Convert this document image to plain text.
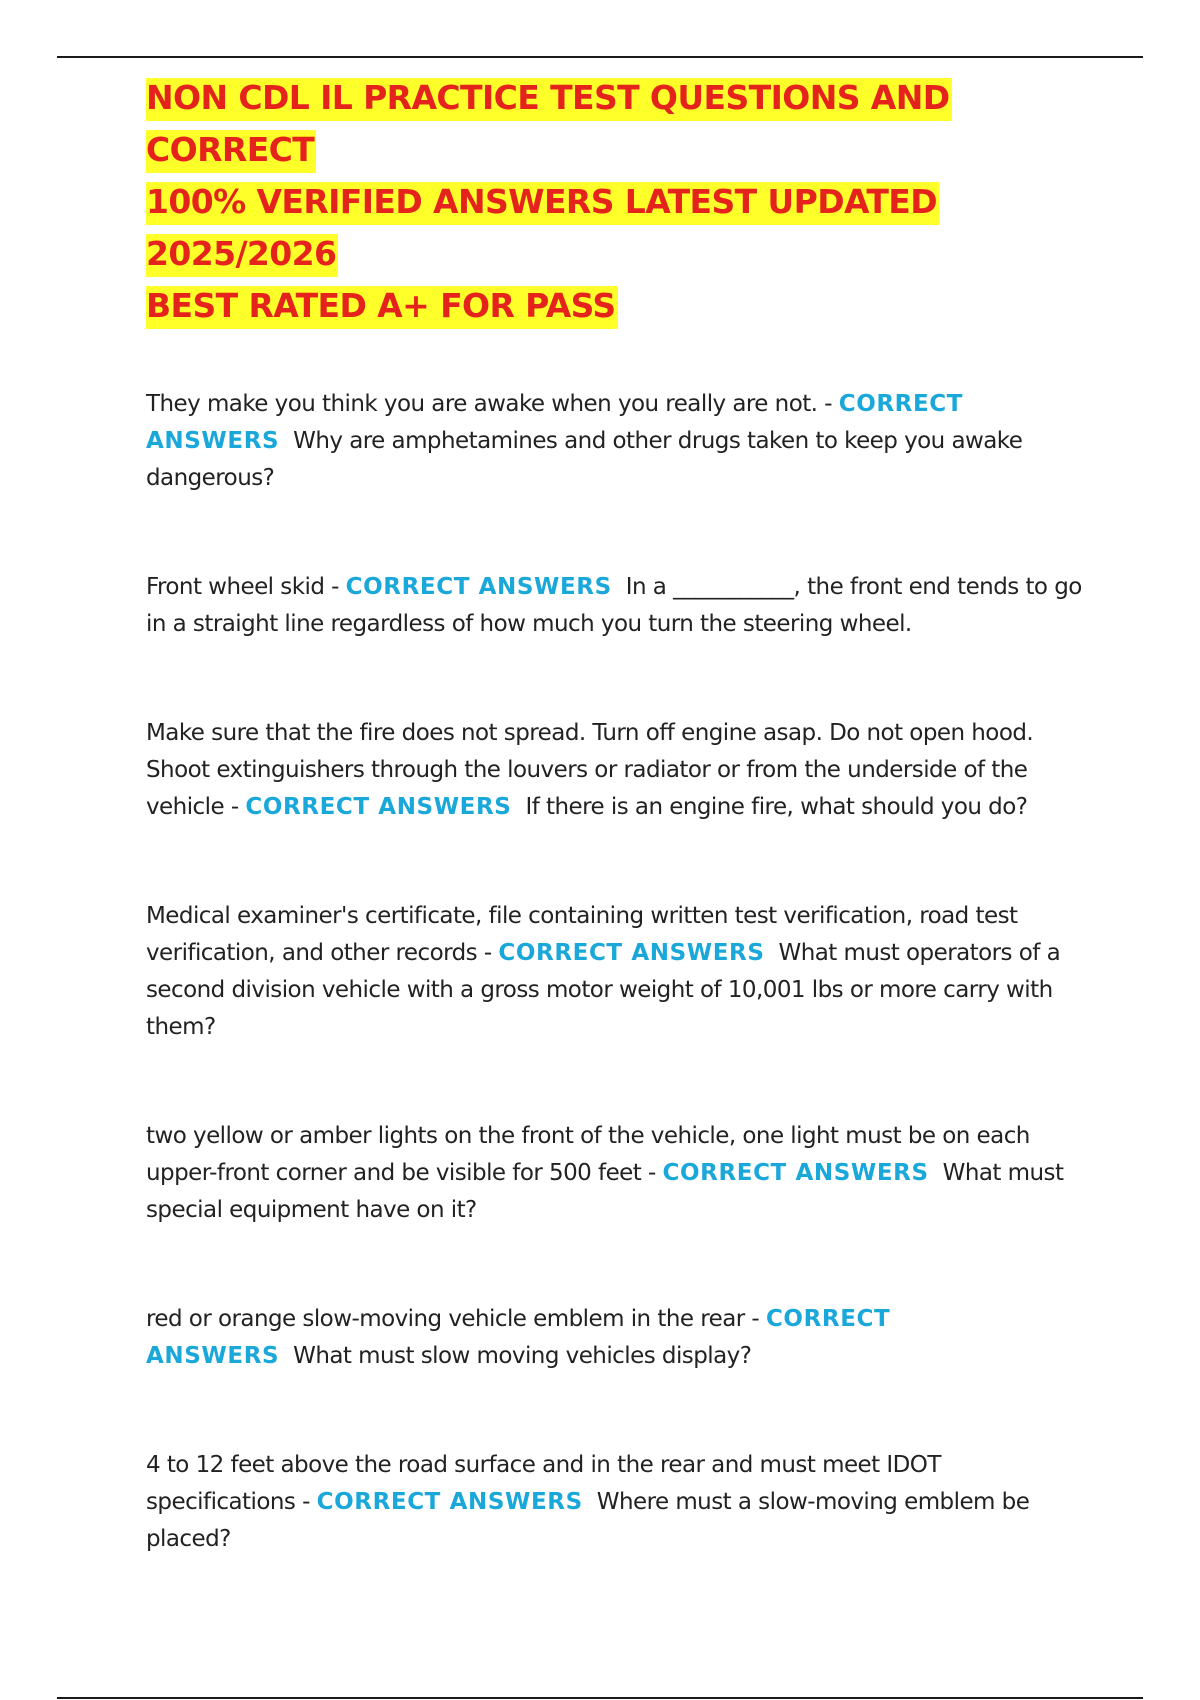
NON CDL IL PRACTICE TEST QUESTIONS AND CORRECT
100% VERIFIED ANSWERS LATEST UPDATED 2025/2026
BEST RATED A+ FOR PASS
They make you think you are awake when you really are not. - CORRECT ANSWERS Why are amphetamines and other drugs taken to keep you awake dangerous?
Front wheel skid - CORRECT ANSWERS In a ___________, the front end tends to go in a straight line regardless of how much you turn the steering wheel.
Make sure that the fire does not spread. Turn off engine asap. Do not open hood. Shoot extinguishers through the louvers or radiator or from the underside of the vehicle - CORRECT ANSWERS If there is an engine fire, what should you do?
Medical examiner's certificate, file containing written test verification, road test verification, and other records - CORRECT ANSWERS What must operators of a second division vehicle with a gross motor weight of 10,001 lbs or more carry with them?
two yellow or amber lights on the front of the vehicle, one light must be on each upper-front corner and be visible for 500 feet - CORRECT ANSWERS What must special equipment have on it?
red or orange slow-moving vehicle emblem in the rear - CORRECT ANSWERS What must slow moving vehicles display?
4 to 12 feet above the road surface and in the rear and must meet IDOT specifications - CORRECT ANSWERS Where must a slow-moving emblem be placed?
